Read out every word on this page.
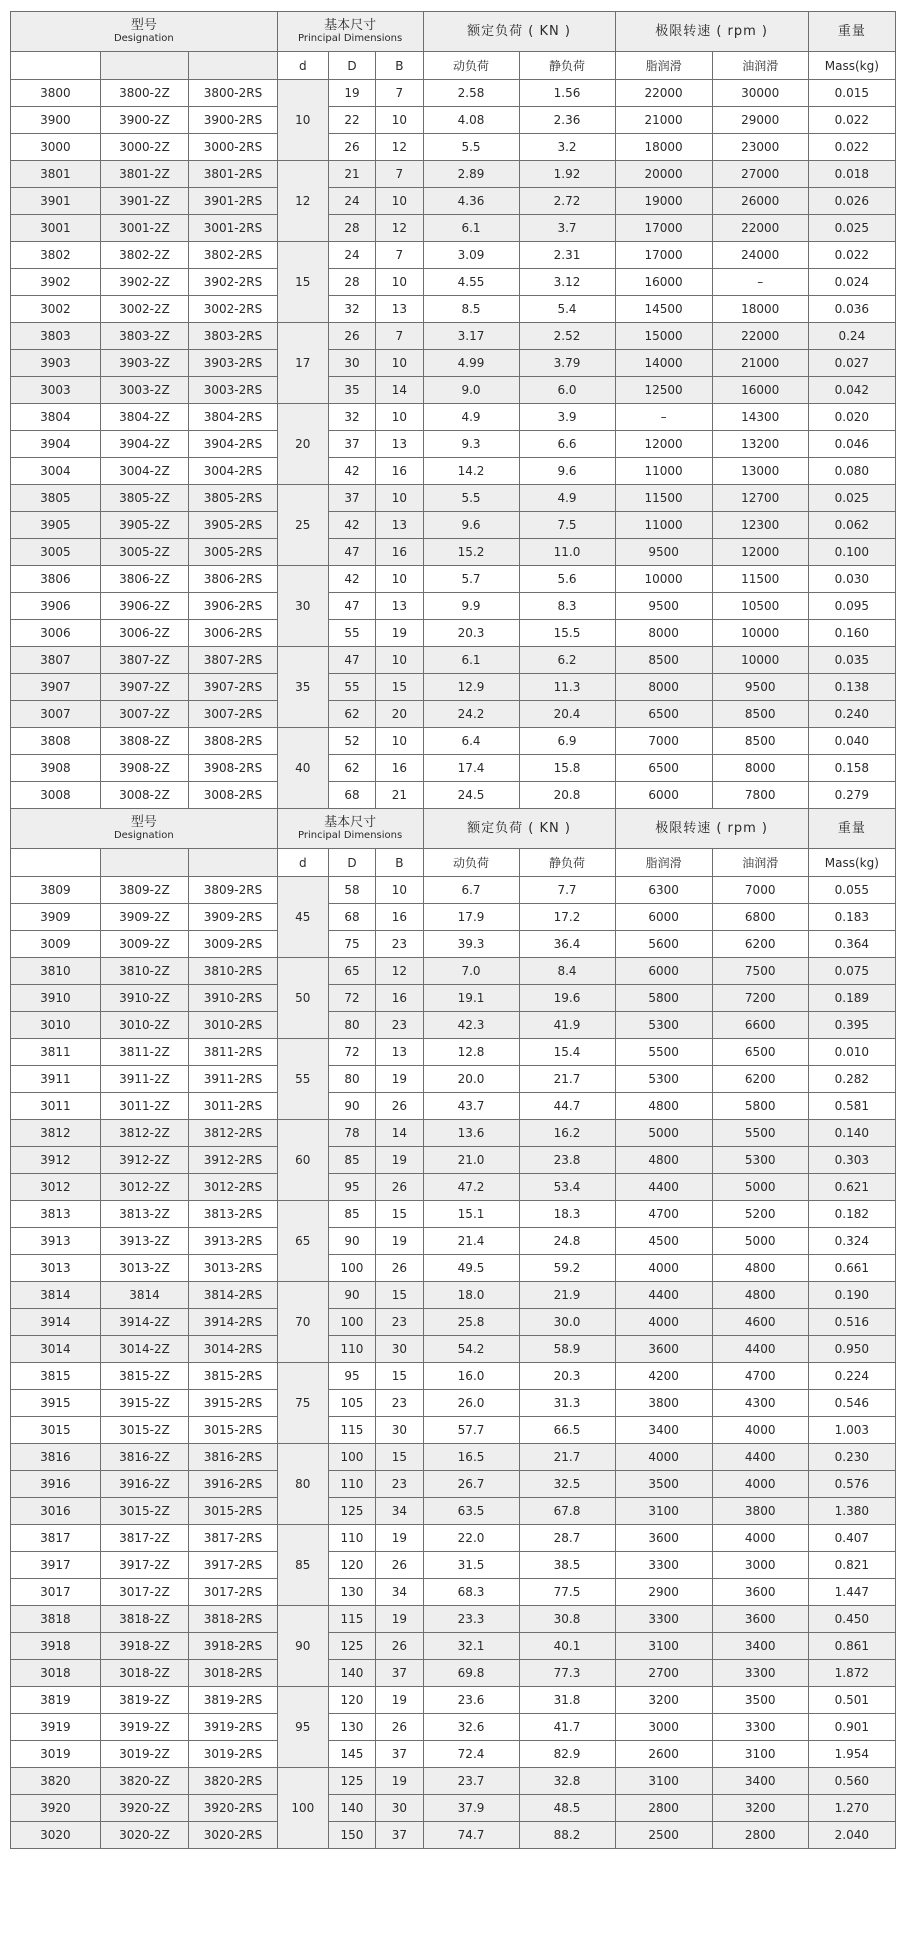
型号
Designation			基本尺寸
Principal Dimensions			额定负荷 ( KN )		极限转速 ( rpm )		重量
			d	D	B	动负荷	静负荷	脂润滑	油润滑	Mass(kg)
3800	3800-2Z	3800-2RS	10	19	7	2.58	1.56	22000	30000	0.015
3900	3900-2Z	3900-2RS		22	10	4.08	2.36	21000	29000	0.022
3000	3000-2Z	3000-2RS		26	12	5.5	3.2	18000	23000	0.022
3801	3801-2Z	3801-2RS	12	21	7	2.89	1.92	20000	27000	0.018
3901	3901-2Z	3901-2RS		24	10	4.36	2.72	19000	26000	0.026
3001	3001-2Z	3001-2RS		28	12	6.1	3.7	17000	22000	0.025
3802	3802-2Z	3802-2RS	15	24	7	3.09	2.31	17000	24000	0.022
3902	3902-2Z	3902-2RS		28	10	4.55	3.12	16000	–	0.024
3002	3002-2Z	3002-2RS		32	13	8.5	5.4	14500	18000	0.036
3803	3803-2Z	3803-2RS	17	26	7	3.17	2.52	15000	22000	0.24
3903	3903-2Z	3903-2RS		30	10	4.99	3.79	14000	21000	0.027
3003	3003-2Z	3003-2RS		35	14	9.0	6.0	12500	16000	0.042
3804	3804-2Z	3804-2RS	20	32	10	4.9	3.9	–	14300	0.020
3904	3904-2Z	3904-2RS		37	13	9.3	6.6	12000	13200	0.046
3004	3004-2Z	3004-2RS		42	16	14.2	9.6	11000	13000	0.080
3805	3805-2Z	3805-2RS	25	37	10	5.5	4.9	11500	12700	0.025
3905	3905-2Z	3905-2RS		42	13	9.6	7.5	11000	12300	0.062
3005	3005-2Z	3005-2RS		47	16	15.2	11.0	9500	12000	0.100
3806	3806-2Z	3806-2RS	30	42	10	5.7	5.6	10000	11500	0.030
3906	3906-2Z	3906-2RS		47	13	9.9	8.3	9500	10500	0.095
3006	3006-2Z	3006-2RS		55	19	20.3	15.5	8000	10000	0.160
3807	3807-2Z	3807-2RS	35	47	10	6.1	6.2	8500	10000	0.035
3907	3907-2Z	3907-2RS		55	15	12.9	11.3	8000	9500	0.138
3007	3007-2Z	3007-2RS		62	20	24.2	20.4	6500	8500	0.240
3808	3808-2Z	3808-2RS	40	52	10	6.4	6.9	7000	8500	0.040
3908	3908-2Z	3908-2RS		62	16	17.4	15.8	6500	8000	0.158
3008	3008-2Z	3008-2RS		68	21	24.5	20.8	6000	7800	0.279

型号
Designation			基本尺寸
Principal Dimensions			额定负荷 ( KN )		极限转速 ( rpm )		重量
			d	D	B	动负荷	静负荷	脂润滑	油润滑	Mass(kg)
3809	3809-2Z	3809-2RS	45	58	10	6.7	7.7	6300	7000	0.055
3909	3909-2Z	3909-2RS		68	16	17.9	17.2	6000	6800	0.183
3009	3009-2Z	3009-2RS		75	23	39.3	36.4	5600	6200	0.364
3810	3810-2Z	3810-2RS	50	65	12	7.0	8.4	6000	7500	0.075
3910	3910-2Z	3910-2RS		72	16	19.1	19.6	5800	7200	0.189
3010	3010-2Z	3010-2RS		80	23	42.3	41.9	5300	6600	0.395
3811	3811-2Z	3811-2RS	55	72	13	12.8	15.4	5500	6500	0.010
3911	3911-2Z	3911-2RS		80	19	20.0	21.7	5300	6200	0.282
3011	3011-2Z	3011-2RS		90	26	43.7	44.7	4800	5800	0.581
3812	3812-2Z	3812-2RS	60	78	14	13.6	16.2	5000	5500	0.140
3912	3912-2Z	3912-2RS		85	19	21.0	23.8	4800	5300	0.303
3012	3012-2Z	3012-2RS		95	26	47.2	53.4	4400	5000	0.621
3813	3813-2Z	3813-2RS	65	85	15	15.1	18.3	4700	5200	0.182
3913	3913-2Z	3913-2RS		90	19	21.4	24.8	4500	5000	0.324
3013	3013-2Z	3013-2RS		100	26	49.5	59.2	4000	4800	0.661
3814	3814	3814-2RS	70	90	15	18.0	21.9	4400	4800	0.190
3914	3914-2Z	3914-2RS		100	23	25.8	30.0	4000	4600	0.516
3014	3014-2Z	3014-2RS		110	30	54.2	58.9	3600	4400	0.950
3815	3815-2Z	3815-2RS	75	95	15	16.0	20.3	4200	4700	0.224
3915	3915-2Z	3915-2RS		105	23	26.0	31.3	3800	4300	0.546
3015	3015-2Z	3015-2RS		115	30	57.7	66.5	3400	4000	1.003
3816	3816-2Z	3816-2RS	80	100	15	16.5	21.7	4000	4400	0.230
3916	3916-2Z	3916-2RS		110	23	26.7	32.5	3500	4000	0.576
3016	3015-2Z	3015-2RS		125	34	63.5	67.8	3100	3800	1.380
3817	3817-2Z	3817-2RS	85	110	19	22.0	28.7	3600	4000	0.407
3917	3917-2Z	3917-2RS		120	26	31.5	38.5	3300	3000	0.821
3017	3017-2Z	3017-2RS		130	34	68.3	77.5	2900	3600	1.447
3818	3818-2Z	3818-2RS	90	115	19	23.3	30.8	3300	3600	0.450
3918	3918-2Z	3918-2RS		125	26	32.1	40.1	3100	3400	0.861
3018	3018-2Z	3018-2RS		140	37	69.8	77.3	2700	3300	1.872
3819	3819-2Z	3819-2RS	95	120	19	23.6	31.8	3200	3500	0.501
3919	3919-2Z	3919-2RS		130	26	32.6	41.7	3000	3300	0.901
3019	3019-2Z	3019-2RS		145	37	72.4	82.9	2600	3100	1.954
3820	3820-2Z	3820-2RS	100	125	19	23.7	32.8	3100	3400	0.560
3920	3920-2Z	3920-2RS		140	30	37.9	48.5	2800	3200	1.270
3020	3020-2Z	3020-2RS		150	37	74.7	88.2	2500	2800	2.040
